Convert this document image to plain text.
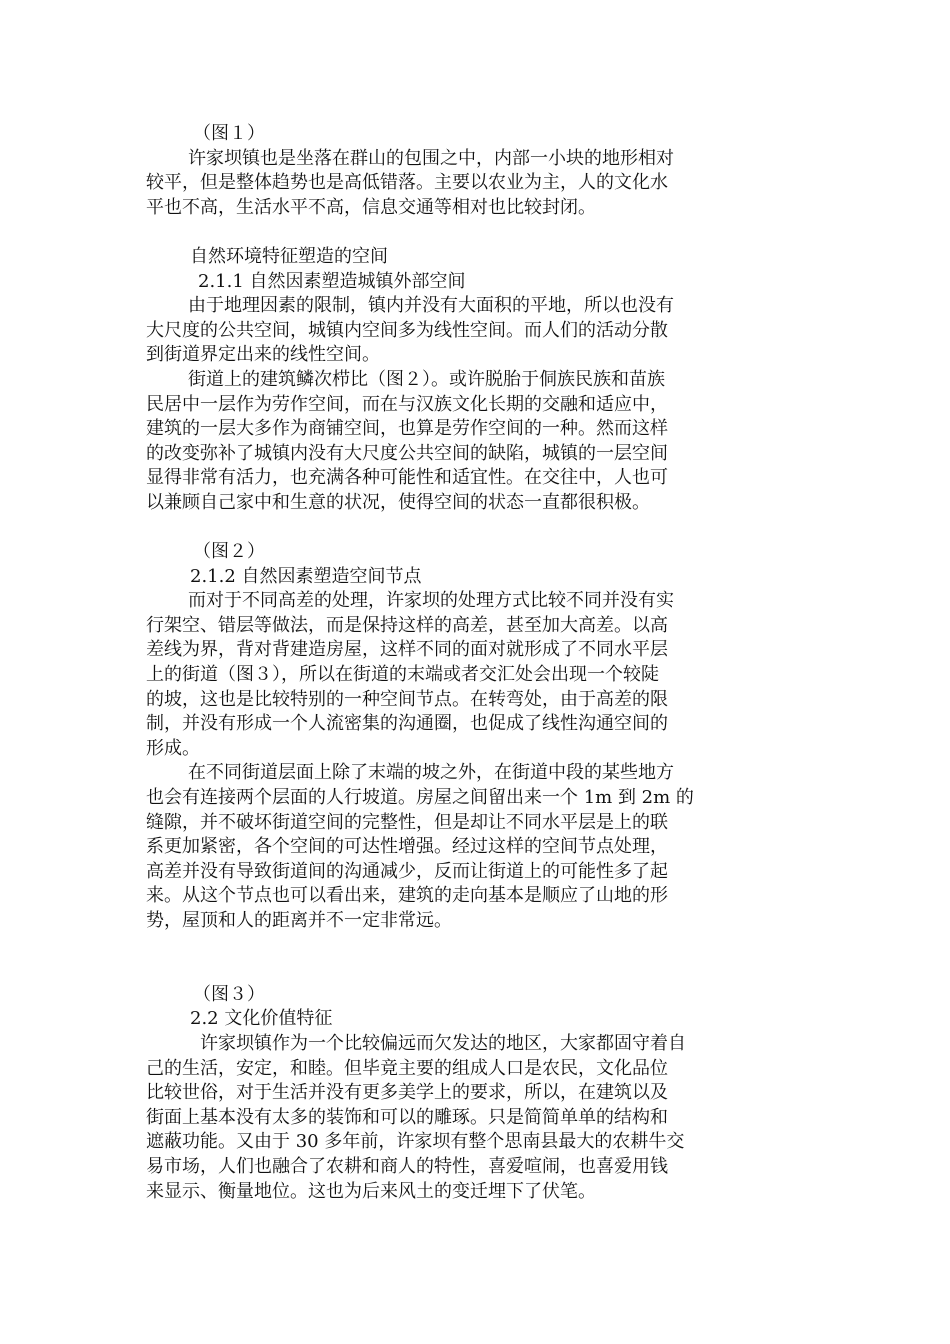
（图１）
许家坝镇也是坐落在群山的包围之中，内部一小块的地形相对
较平，但是整体趋势也是高低错落。主要以农业为主，人的文化水
平也不高，生活水平不高，信息交通等相对也比较封闭。
自然环境特征塑造的空间
2.1.1 自然因素塑造城镇外部空间
由于地理因素的限制，镇内并没有大面积的平地，所以也没有
大尺度的公共空间，城镇内空间多为线性空间。而人们的活动分散
到街道界定出来的线性空间。
街道上的建筑鳞次栉比（图２）。或许脱胎于侗族民族和苗族
民居中一层作为劳作空间，而在与汉族文化长期的交融和适应中，
建筑的一层大多作为商铺空间，也算是劳作空间的一种。然而这样
的改变弥补了城镇内没有大尺度公共空间的缺陷，城镇的一层空间
显得非常有活力，也充满各种可能性和适宜性。在交往中，人也可
以兼顾自己家中和生意的状况，使得空间的状态一直都很积极。
（图２）
2.1.2 自然因素塑造空间节点
而对于不同高差的处理，许家坝的处理方式比较不同并没有实
行架空、错层等做法，而是保持这样的高差，甚至加大高差。以高
差线为界，背对背建造房屋，这样不同的面对就形成了不同水平层
上的街道（图３），所以在街道的末端或者交汇处会出现一个较陡
的坡，这也是比较特别的一种空间节点。在转弯处，由于高差的限
制，并没有形成一个人流密集的沟通圈，也促成了线性沟通空间的
形成。
在不同街道层面上除了末端的坡之外，在街道中段的某些地方
也会有连接两个层面的人行坡道。房屋之间留出来一个 1m 到 2m 的
缝隙，并不破坏街道空间的完整性，但是却让不同水平层是上的联
系更加紧密，各个空间的可达性增强。经过这样的空间节点处理，
高差并没有导致街道间的沟通减少，反而让街道上的可能性多了起
来。从这个节点也可以看出来，建筑的走向基本是顺应了山地的形
势，屋顶和人的距离并不一定非常远。
（图３）
2.2 文化价值特征
许家坝镇作为一个比较偏远而欠发达的地区，大家都固守着自
己的生活，安定，和睦。但毕竟主要的组成人口是农民，文化品位
比较世俗，对于生活并没有更多美学上的要求，所以，在建筑以及
街面上基本没有太多的装饰和可以的雕琢。只是简简单单的结构和
遮蔽功能。又由于 30 多年前，许家坝有整个思南县最大的农耕牛交
易市场，人们也融合了农耕和商人的特性，喜爱喧闹，也喜爱用钱
来显示、衡量地位。这也为后来风土的变迁埋下了伏笔。
